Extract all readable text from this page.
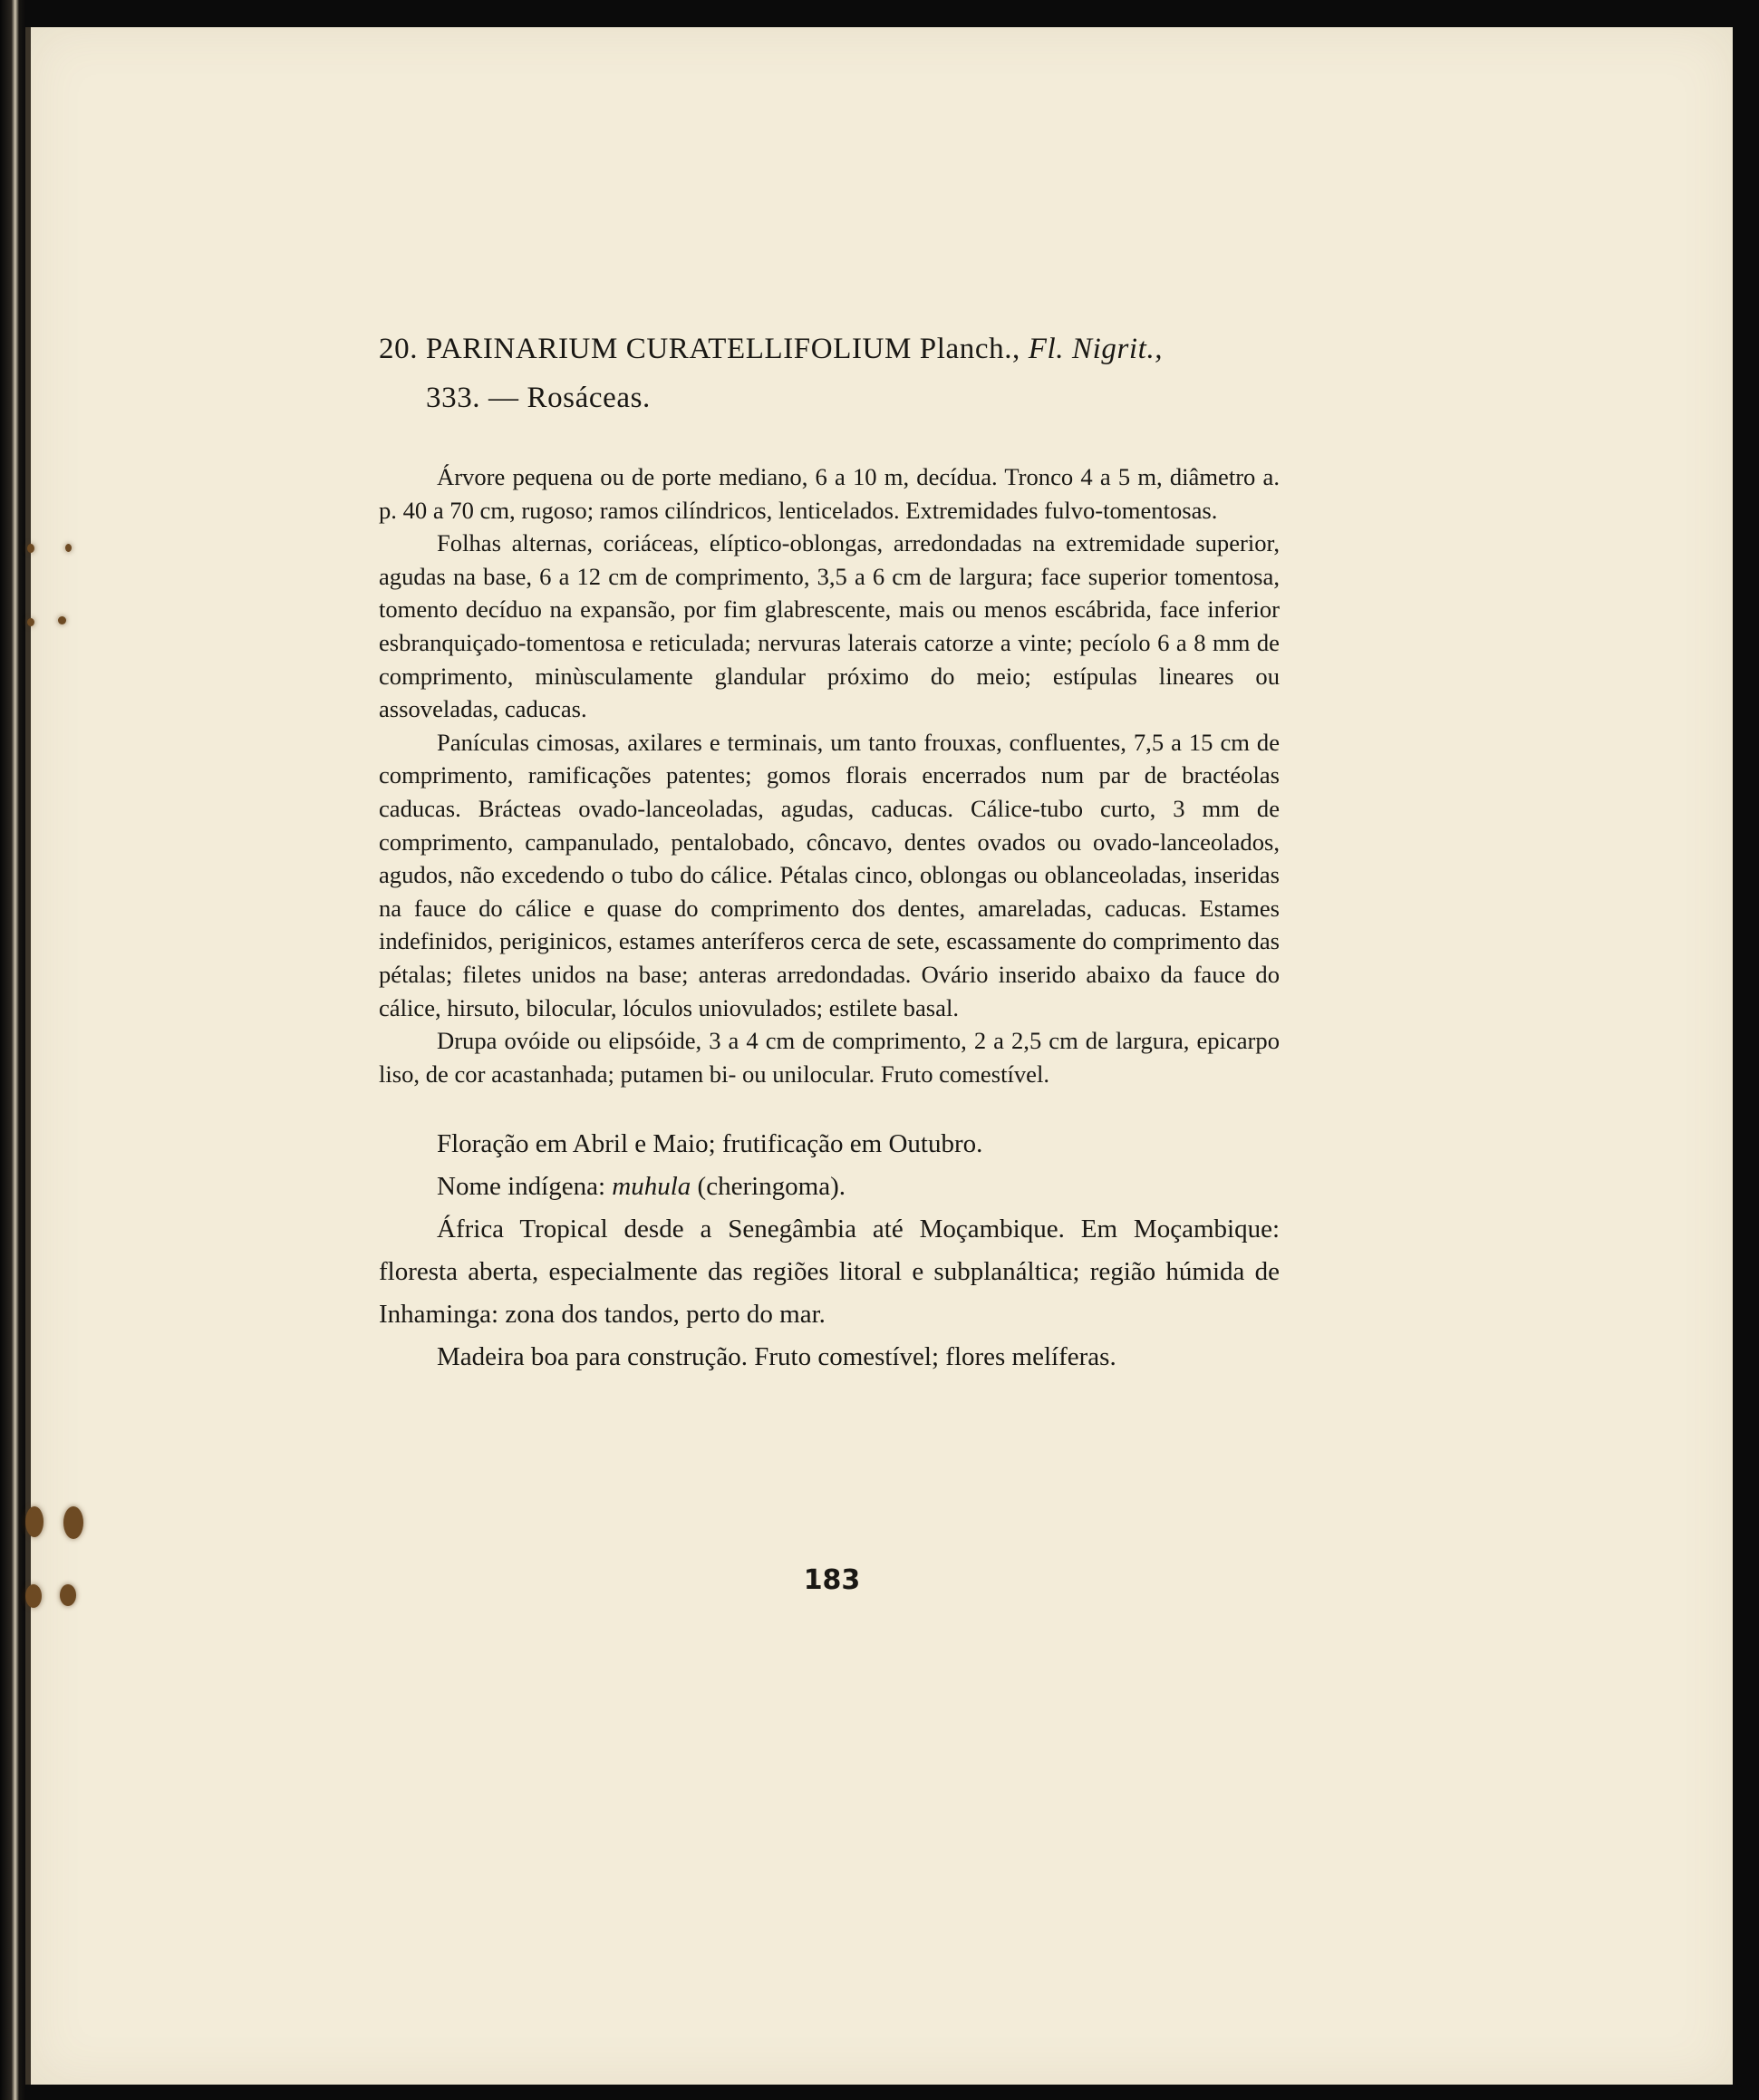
20. PARINARIUM CURATELLIFOLIUM Planch., Fl. Nigrit.,
333. — Rosáceas.

Árvore pequena ou de porte mediano, 6 a 10 m, decídua. Tronco 4 a 5 m, diâmetro a. p. 40 a 70 cm, rugoso; ramos cilíndricos, lenticelados. Extremidades fulvo-tomentosas.

Folhas alternas, coriáceas, elíptico-oblongas, arredondadas na extremidade superior, agudas na base, 6 a 12 cm de comprimento, 3,5 a 6 cm de largura; face superior tomentosa, tomento decíduo na expansão, por fim glabrescente, mais ou menos escábrida, face inferior esbranquiçado-tomentosa e reticulada; nervuras laterais catorze a vinte; pecíolo 6 a 8 mm de comprimento, minùsculamente glandular próximo do meio; estípulas lineares ou assoveladas, caducas.

Panículas cimosas, axilares e terminais, um tanto frouxas, confluentes, 7,5 a 15 cm de comprimento, ramificações patentes; gomos florais encerrados num par de bractéolas caducas. Brácteas ovado-lanceoladas, agudas, caducas. Cálice-tubo curto, 3 mm de comprimento, campanulado, pentalobado, côncavo, dentes ovados ou ovado-lanceolados, agudos, não excedendo o tubo do cálice. Pétalas cinco, oblongas ou oblanceoladas, inseridas na fauce do cálice e quase do comprimento dos dentes, amareladas, caducas. Estames indefinidos, periginicos, estames anteríferos cerca de sete, escassamente do comprimento das pétalas; filetes unidos na base; anteras arredondadas. Ovário inserido abaixo da fauce do cálice, hirsuto, bilocular, lóculos uniovulados; estilete basal.

Drupa ovóide ou elipsóide, 3 a 4 cm de comprimento, 2 a 2,5 cm de largura, epicarpo liso, de cor acastanhada; putamen bi- ou unilocular. Fruto comestível.

Floração em Abril e Maio; frutificação em Outubro.

Nome indígena: muhula (cheringoma).

África Tropical desde a Senegâmbia até Moçambique. Em Moçambique: floresta aberta, especialmente das regiões litoral e subplanáltica; região húmida de Inhaminga: zona dos tandos, perto do mar.

Madeira boa para construção. Fruto comestível; flores melíferas.

183
